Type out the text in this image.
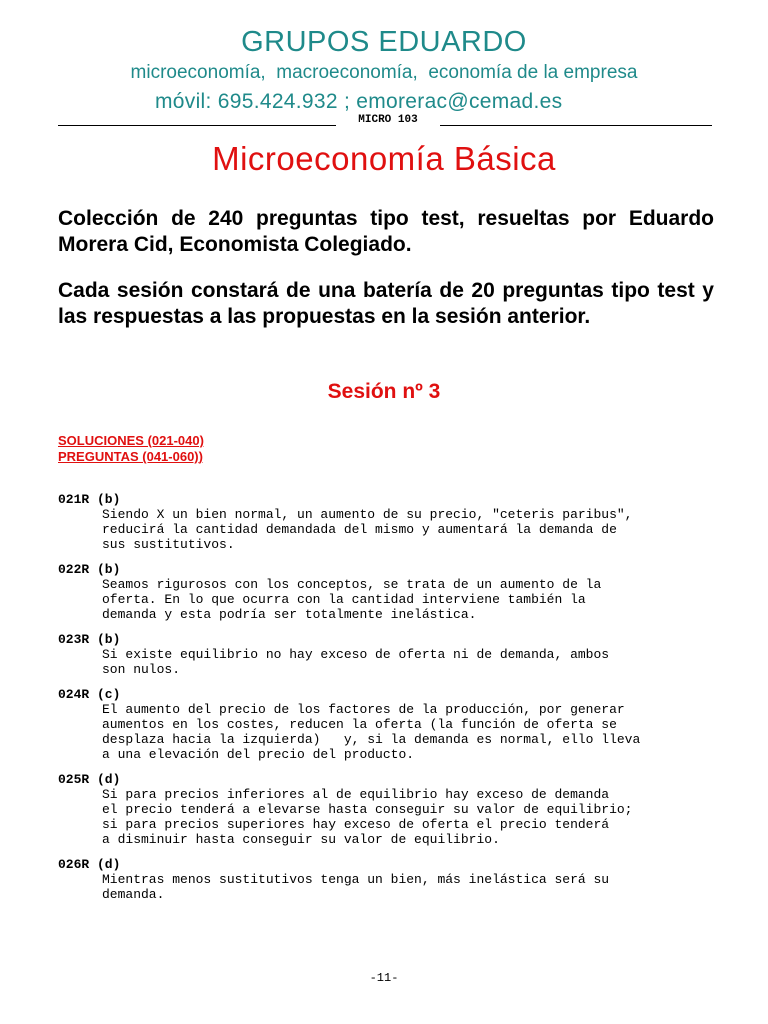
GRUPOS EDUARDO
microeconomía,  macroeconomía,  economía de la empresa
móvil: 695.424.932 ; emorerac@cemad.es
MICRO 103
Microeconomía Básica
Colección de 240 preguntas tipo test, resueltas por Eduardo Morera Cid, Economista Colegiado.
Cada sesión constará de una batería de 20 preguntas tipo test y las respuestas a las propuestas en la sesión anterior.
Sesión nº 3
SOLUCIONES (021-040)
PREGUNTAS (041-060))
021R (b)
Siendo X un bien normal, un aumento de su precio, "ceteris paribus",
reducirá la cantidad demandada del mismo y aumentará la demanda de
sus sustitutivos.
022R (b)
Seamos rigurosos con los conceptos, se trata de un aumento de la
oferta. En lo que ocurra con la cantidad interviene también la
demanda y esta podría ser totalmente inelástica.
023R (b)
Si existe equilibrio no hay exceso de oferta ni de demanda, ambos
son nulos.
024R (c)
El aumento del precio de los factores de la producción, por generar
aumentos en los costes, reducen la oferta (la función de oferta se
desplaza hacia la izquierda)   y, si la demanda es normal, ello lleva
a una elevación del precio del producto.
025R (d)
Si para precios inferiores al de equilibrio hay exceso de demanda
el precio tenderá a elevarse hasta conseguir su valor de equilibrio;
si para precios superiores hay exceso de oferta el precio tenderá
a disminuir hasta conseguir su valor de equilibrio.
026R (d)
Mientras menos sustitutivos tenga un bien, más inelástica será su
demanda.
-11-
